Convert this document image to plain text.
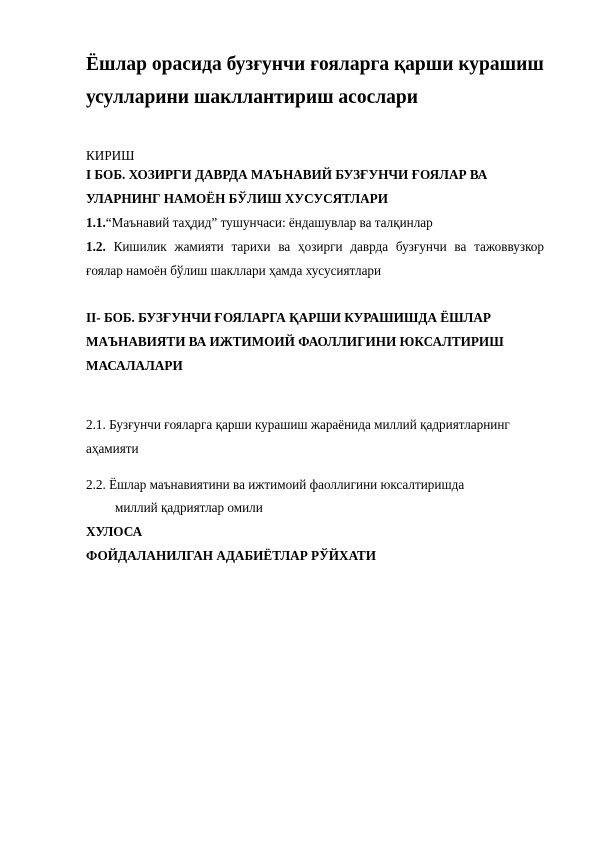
Ёшлар орасида бузғунчи ғояларга қарши курашиш
усулларини шакллантириш асослари
КИРИШ
I БОБ. ХОЗИРГИ ДАВРДА МАЪНАВИЙ БУЗҒУНЧИ ҒОЯЛАР ВА
УЛАРНИНГ НАМОЁН БЎЛИШ ХУСУСЯТЛАРИ
1.1.“Маънавий таҳдид” тушунчаси: ёндашувлар ва талқинлар
1.2. Кишилик жамияти тарихи ва ҳозирги даврда бузғунчи ва тажоввузкор
ғоялар намоён бўлиш шакллари ҳамда хусусиятлари
II- БОБ. БУЗҒУНЧИ ҒОЯЛАРГА ҚАРШИ КУРАШИШДА ЁШЛАР
МАЪНАВИЯТИ ВА ИЖТИМОИЙ ФАОЛЛИГИНИ ЮКСАЛТИРИШ
МАСАЛАЛАРИ
2.1. Бузғунчи ғояларга қарши курашиш жараёнида миллий қадриятларнинг
аҳамияти
2.2. Ёшлар маънавиятини ва ижтимоий фаоллигини юксалтиришда
миллий қадриятлар омили
ХУЛОСА
ФОЙДАЛАНИЛГАН АДАБИЁТЛАР РЎЙХАТИ
